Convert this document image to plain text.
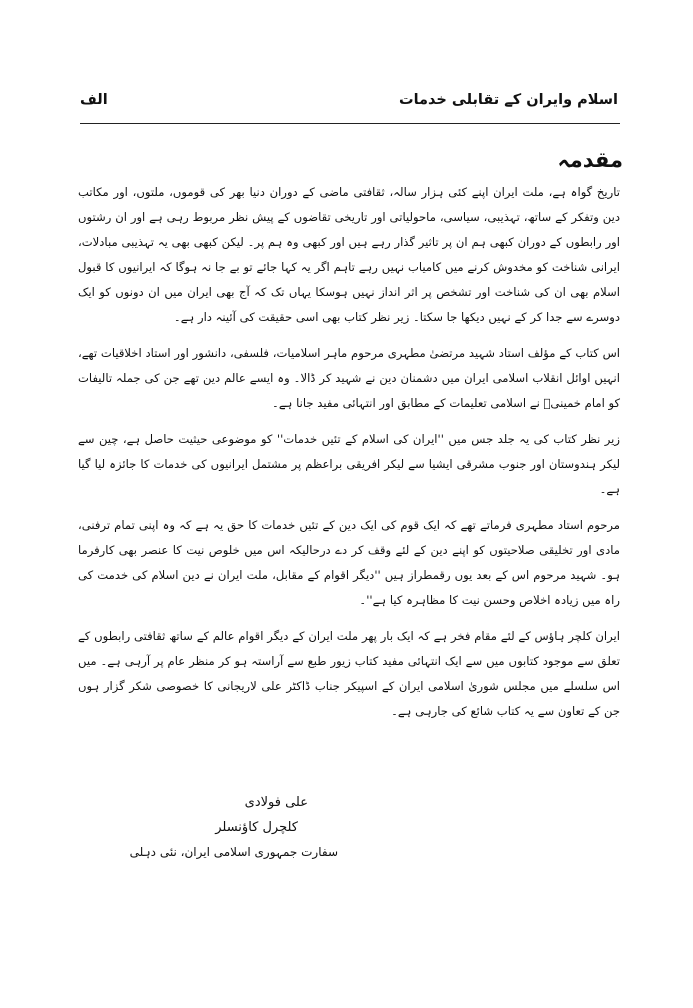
اسلام وایران کے تقابلی خدمات
الف
مقدمہ

تاریخ گواہ ہے، ملت ایران اپنے کئی ہزار سالہ، ثقافتی ماضی کے دوران دنیا بھر کی قوموں، ملتوں، اور مکاتب دین وتفکر کے ساتھ، تہذیبی، سیاسی، ماحولیاتی اور تاریخی تقاضوں کے پیش نظر مربوط رہی ہے اور ان رشتوں اور رابطوں کے دوران کبھی ہم ان پر تاثیر گذار رہے ہیں اور کبھی وہ ہم پر۔ لیکن کبھی بھی یہ تہذیبی مبادلات، ایرانی شناخت کو مخدوش کرنے میں کامیاب نہیں رہے تاہم اگر یہ کہا جائے تو بے جا نہ ہوگا کہ ایرانیوں کا قبول اسلام بھی ان کی شناخت اور تشخص پر اثر انداز نہیں ہوسکا یہاں تک کہ آج بھی ایران میں ان دونوں کو ایک دوسرے سے جدا کر کے نہیں دیکھا جا سکتا۔ زیر نظر کتاب بھی اسی حقیقت کی آئینہ دار ہے۔

اس کتاب کے مؤلف استاد شہید مرتضیٰ مطہری مرحوم ماہر اسلامیات، فلسفی، دانشور اور استاد اخلاقیات تھے، انہیں اوائل انقلاب اسلامی ایران میں دشمنان دین نے شہید کر ڈالا۔ وہ ایسے عالم دین تھے جن کی جملہ تالیفات کو امام خمینیؒ نے اسلامی تعلیمات کے مطابق اور انتہائی مفید جانا ہے۔

زیر نظر کتاب کی یہ جلد جس میں ''ایران کی اسلام کے تئیں خدمات'' کو موضوعی حیثیت حاصل ہے، چین سے لیکر ہندوستان اور جنوب مشرقی ایشیا سے لیکر افریقی براعظم پر مشتمل ایرانیوں کی خدمات کا جائزہ لیا گیا ہے۔

مرحوم استاد مطہری فرماتے تھے کہ ایک قوم کی ایک دین کے تئیں خدمات کا حق یہ ہے کہ وہ اپنی تمام ترفنی، مادی اور تخلیقی صلاحیتوں کو اپنے دین کے لئے وقف کر دے درحالیکہ اس میں خلوص نیت کا عنصر بھی کارفرما ہو۔ شہید مرحوم اس کے بعد یوں رقمطراز ہیں ''دیگر اقوام کے مقابل، ملت ایران نے دین اسلام کی خدمت کی راہ میں زیادہ اخلاص وحسن نیت کا مظاہرہ کیا ہے''۔

ایران کلچر ہاؤس کے لئے مقام فخر ہے کہ ایک بار پھر ملت ایران کے دیگر اقوام عالم کے ساتھ ثقافتی رابطوں کے تعلق سے موجود کتابوں میں سے ایک انتہائی مفید کتاب زیور طبع سے آراستہ ہو کر منظر عام پر آرہی ہے۔ میں اس سلسلے میں مجلس شوریٰ اسلامی ایران کے اسپیکر جناب ڈاکٹر علی لاریجانی کا خصوصی شکر گزار ہوں جن کے تعاون سے یہ کتاب شائع کی جارہی ہے۔

علی فولادی
کلچرل کاؤنسلر
سفارت جمہوری اسلامی ایران، نئی دہلی
